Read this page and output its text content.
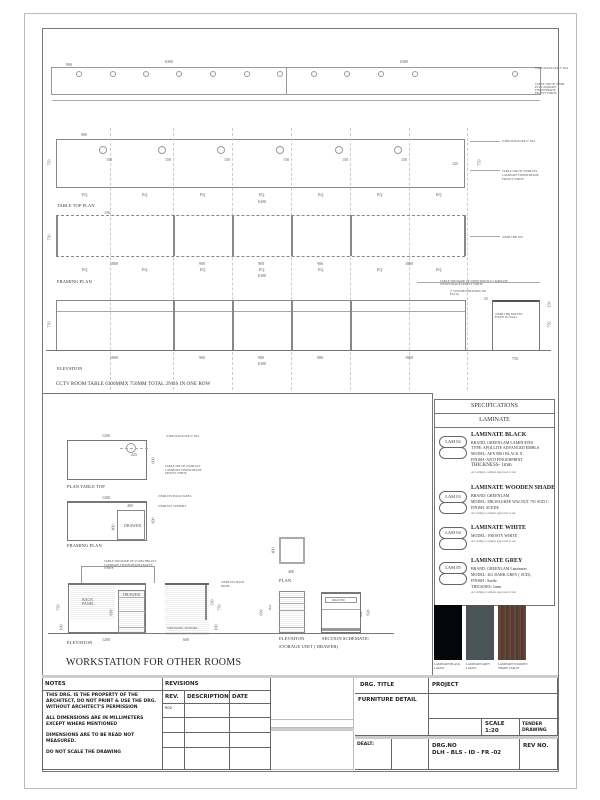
900
6300	6300
WIRE MANAGER 3" DIA
TABLE TOP OF 25MM PLY LAMINATE FINISH SHADE FROSTY WHITE
900
150	150	150	150	150	150
125
750	750
EQ	EQ	EQ	EQ	EQ	EQ	EQ
6300
TABLE TOP PLAN
WIRE MANAGER 3" DIA
TABLE TOP OF 25MM PLY LAMINATE FINISH SHADE FROSTY WHITE
150
750
1800	900	900	900	1800
EQ	EQ	EQ	EQ	EQ	EQ	EQ
6300
FRAMING PLAN
25MM THK PLY
750
1800	900	900	900	1800
6300
ELEVATION
TABLE TOP MADE OF 25MM THK PLY LAMINATE FINISH SHADE FROSTY WHITE
2" WOODEN BEADING ON FACIA
25MM THK BATTEN FIXED TO WALL
25
150
750
750
CCTV ROOM TABLE 6300MMX 750MM TOTAL 2NOS IN ONE ROW
1200
225
600
WIRE MANAGER 3" DIA
TABLE TOP OF 25MM PLY LAMINATE FINISH SHADE FROSTY WHITE
PLAN TABLE TOP
DRAWER
1200
400
400
600
25MM PLY BACK PANEL
25MM PLY SUPPORT
FRAMING PLAN
BACK PANEL
DRAWER
630
750
100
1200
ELEVATION
SIDE PANEL SUPPORT
600
530
750
100
TABLE TOP MADE OF 25 MM THK PLY LAMINATE FINISH SHADE FRAFTY WHITE
25MM PLY BACK PANEL
400
400
PLAN
BAL
630
ELEVATION
DRAWER
BAL 630
SECTION SCHEMATIC
STORAGE UNIT ( DRAWER)
WORKSTATION FOR OTHER ROOMS
SPECIFICATIONS
LAMINATE
LAM 02
LAMINATE BLACK
BRAND: GREENLAM LAMINATES
TYPE: APOLLITE ADVANCED EMBLS
MODEL: AFX 9861 BLACK X
FINISH -ANTI FINGERPRINT
THICKNESS- 1mm
According to sample approved at site
LAM 03
LAMINATE WOODEN SHADE
BRAND: GREENLAM
MODEL: MILWAUKEE WALNUT 791 SUD C
FINISH: SUEDE
According to sample approved at site
LAM 04
LAMINATE WHITE
MODEL : FROSTY WHITE
According to sample approved at site
LAM 05
LAMINATE GREY
BRAND: GREENLAM Laminates
MODEL: 261 DARK GREY ( SUD).
FINISH : Suede
THICKNES: 1mm
According to sample approved at site
LAMINATE BLACK LAM 02
LAMINATE GREY LAM 05
LAMINATE WOODEN SHADE LAM 03
NOTES
THIS DRG. IS THE PROPERTY OF THE ARCHITECT, DO NOT PRINT & USE THE DRG. WITHOUT ARCHITECT'S PERMISSION
ALL DIMENSIONS ARE IN MILLIMETERS EXCEPT WHERE MENTIONED
DIMENSIONS ARE TO BE READ NOT MEASURED.
DO NOT SCALE THE DRAWING
REVISIONS
REV.	DESCRIPTION DATE
R00
DRG. TITLE	PROJECT
FURNITURE DETAIL
SCALE
1:20
TENDER DRAWING
DEALT:	DRG.NO
DLH - BLS - ID - FR -02
REV NO.
